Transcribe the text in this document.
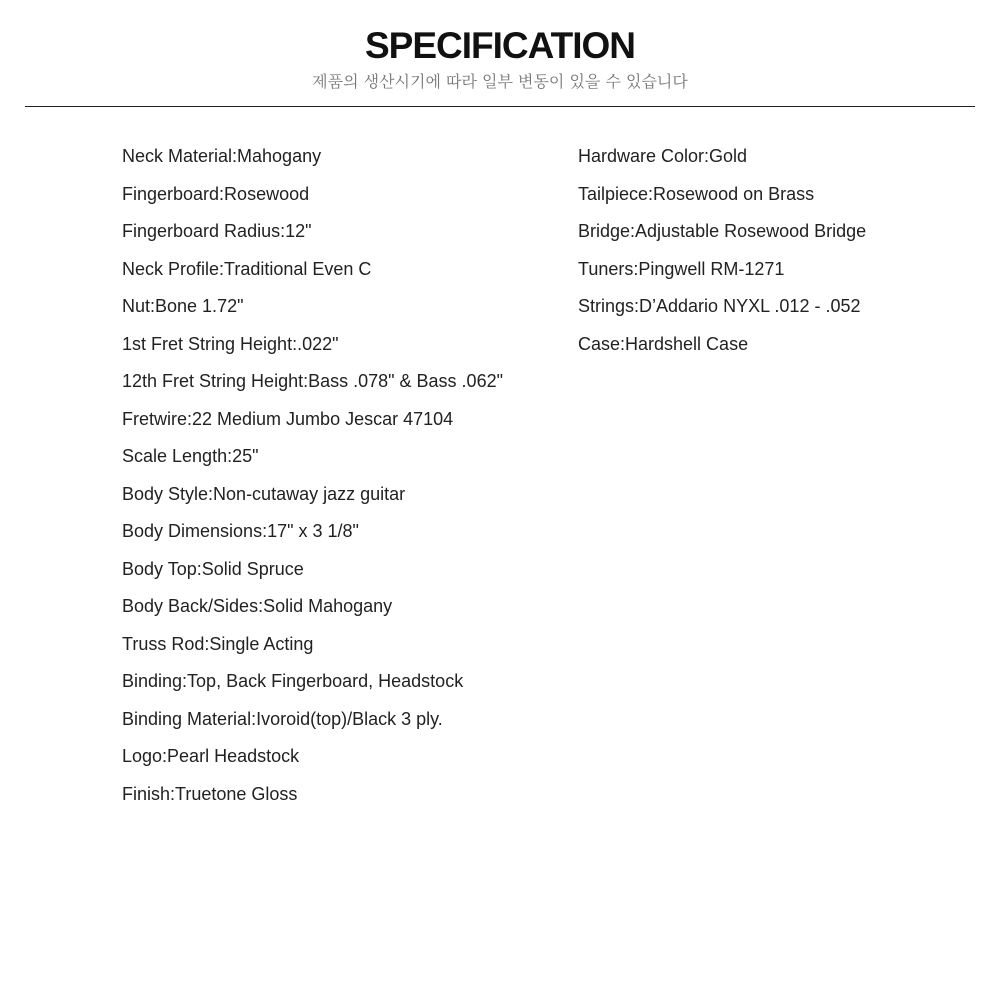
SPECIFICATION
제품의 생산시기에 따라 일부 변동이 있을 수 있습니다
Neck Material:Mahogany
Fingerboard:Rosewood
Fingerboard Radius:12"
Neck Profile:Traditional Even C
Nut:Bone 1.72"
1st Fret String Height:.022"
12th Fret String Height:Bass .078" & Bass .062"
Fretwire:22 Medium Jumbo Jescar 47104
Scale Length:25"
Body Style:Non-cutaway jazz guitar
Body Dimensions:17" x 3 1/8"
Body Top:Solid Spruce
Body Back/Sides:Solid Mahogany
Truss Rod:Single Acting
Binding:Top, Back Fingerboard, Headstock
Binding Material:Ivoroid(top)/Black 3 ply.
Logo:Pearl Headstock
Finish:Truetone Gloss
Hardware Color:Gold
Tailpiece:Rosewood on Brass
Bridge:Adjustable Rosewood Bridge
Tuners:Pingwell RM-1271
Strings:D’Addario NYXL .012 - .052
Case:Hardshell Case
